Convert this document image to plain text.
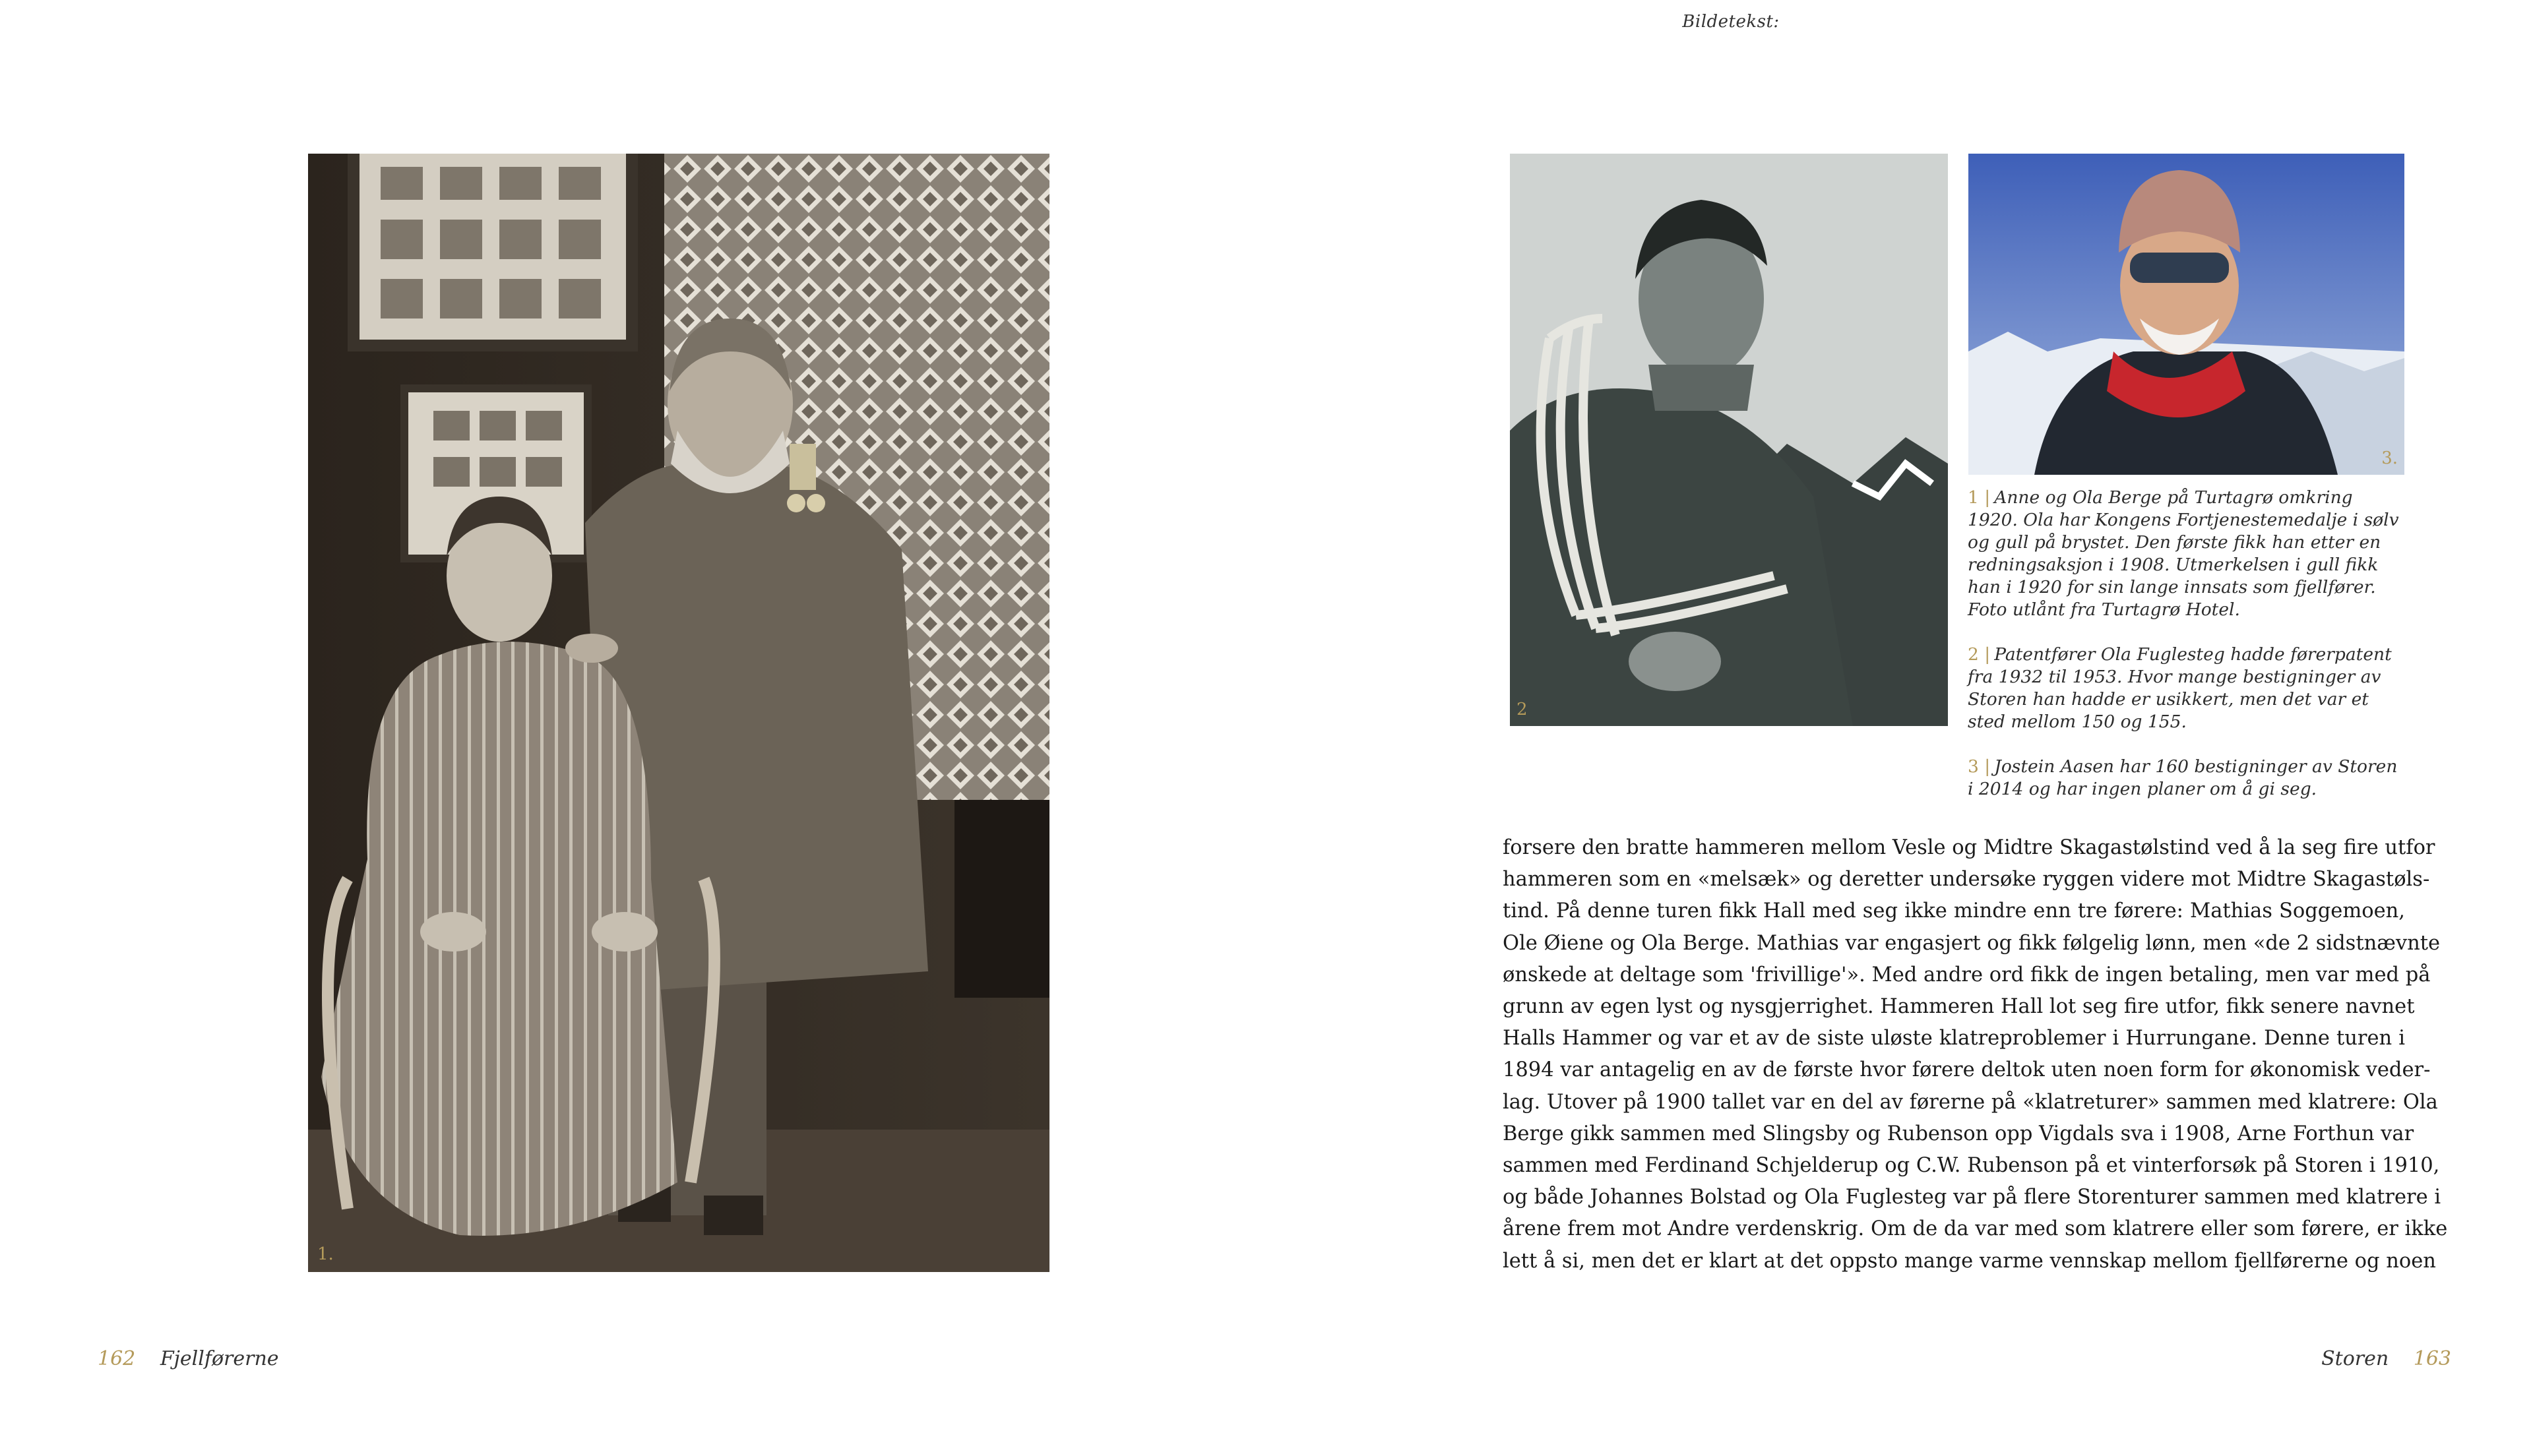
Bildetekst:
1.
2
3.

1 | Anne og Ola Berge på Turtagrø omkring 1920. Ola har Kongens Fortjenestemedalje i sølv og gull på brystet. Den første fikk han etter en redningsaksjon i 1908. Utmerkelsen i gull fikk han i 1920 for sin lange innsats som fjellfører. Foto utlånt fra Turtagrø Hotel.

2 | Patentfører Ola Fuglesteg hadde førerpatent fra 1932 til 1953. Hvor mange bestigninger av Storen han hadde er usikkert, men det var et sted mellom 150 og 155.

3 | Jostein Aasen har 160 bestigninger av Storen i 2014 og har ingen planer om å gi seg.

forsere den bratte hammeren mellom Vesle og Midtre Skagastølstind ved å la seg fire utfor
hammeren som en «melsæk» og deretter undersøke ryggen videre mot Midtre Skagastøls-
tind. På denne turen fikk Hall med seg ikke mindre enn tre førere: Mathias Soggemoen,
Ole Øiene og Ola Berge. Mathias var engasjert og fikk følgelig lønn, men «de 2 sidstnævnte
ønskede at deltage som 'frivillige'». Med andre ord fikk de ingen betaling, men var med på
grunn av egen lyst og nysgjerrighet. Hammeren Hall lot seg fire utfor, fikk senere navnet
Halls Hammer og var et av de siste uløste klatreproblemer i Hurrungane. Denne turen i
1894 var antagelig en av de første hvor førere deltok uten noen form for økonomisk veder-
lag. Utover på 1900 tallet var en del av førerne på «klatreturer» sammen med klatrere: Ola
Berge gikk sammen med Slingsby og Rubenson opp Vigdals sva i 1908, Arne Forthun var
sammen med Ferdinand Schjelderup og C.W. Rubenson på et vinterforsøk på Storen i 1910,
og både Johannes Bolstad og Ola Fuglesteg var på flere Storenturer sammen med klatrere i
årene frem mot Andre verdenskrig. Om de da var med som klatrere eller som førere, er ikke
lett å si, men det er klart at det oppsto mange varme vennskap mellom fjellførerne og noen
162 Fjellførerne	Storen 163
